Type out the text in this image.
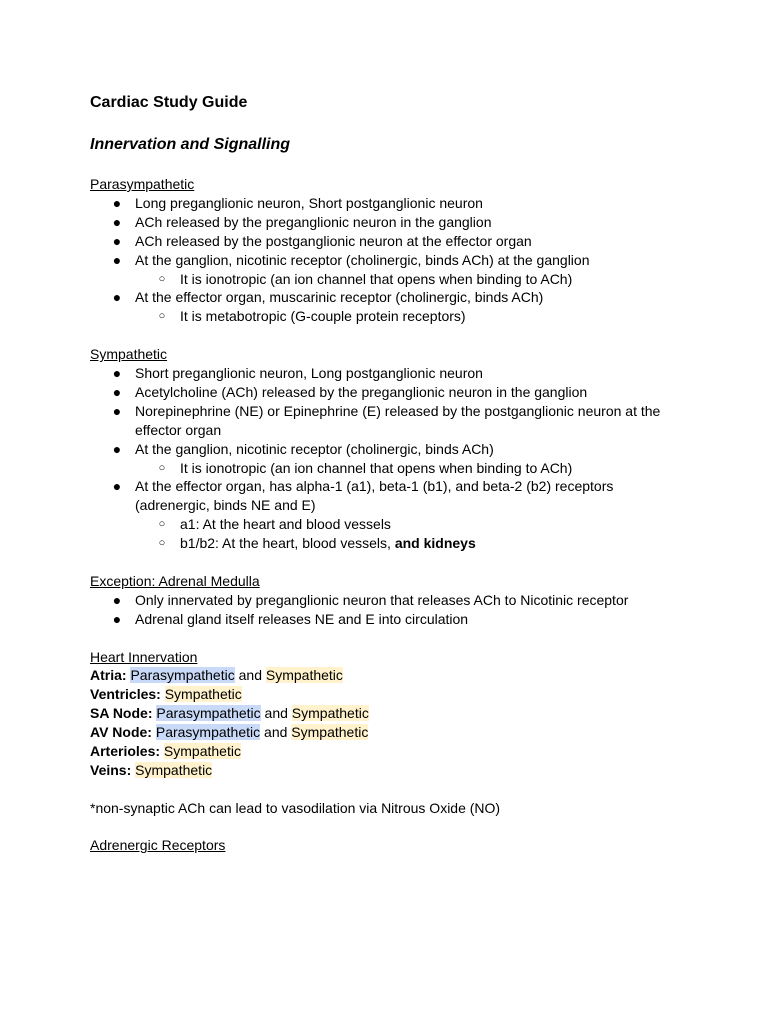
Cardiac Study Guide
Innervation and Signalling
Parasympathetic
● Long preganglionic neuron, Short postganglionic neuron
● ACh released by the preganglionic neuron in the ganglion
● ACh released by the postganglionic neuron at the effector organ
● At the ganglion, nicotinic receptor (cholinergic, binds ACh) at the ganglion
○ It is ionotropic (an ion channel that opens when binding to ACh)
● At the effector organ, muscarinic receptor (cholinergic, binds ACh)
○ It is metabotropic (G-couple protein receptors)
Sympathetic
● Short preganglionic neuron, Long postganglionic neuron
● Acetylcholine (ACh) released by the preganglionic neuron in the ganglion
● Norepinephrine (NE) or Epinephrine (E) released by the postganglionic neuron at the effector organ
● At the ganglion, nicotinic receptor (cholinergic, binds ACh)
○ It is ionotropic (an ion channel that opens when binding to ACh)
● At the effector organ, has alpha-1 (a1), beta-1 (b1), and beta-2 (b2) receptors (adrenergic, binds NE and E)
○ a1: At the heart and blood vessels
○ b1/b2: At the heart, blood vessels, and kidneys
Exception: Adrenal Medulla
● Only innervated by preganglionic neuron that releases ACh to Nicotinic receptor
● Adrenal gland itself releases NE and E into circulation
Heart Innervation
Atria: Parasympathetic and Sympathetic
Ventricles: Sympathetic
SA Node: Parasympathetic and Sympathetic
AV Node: Parasympathetic and Sympathetic
Arterioles: Sympathetic
Veins: Sympathetic
*non-synaptic ACh can lead to vasodilation via Nitrous Oxide (NO)
Adrenergic Receptors
